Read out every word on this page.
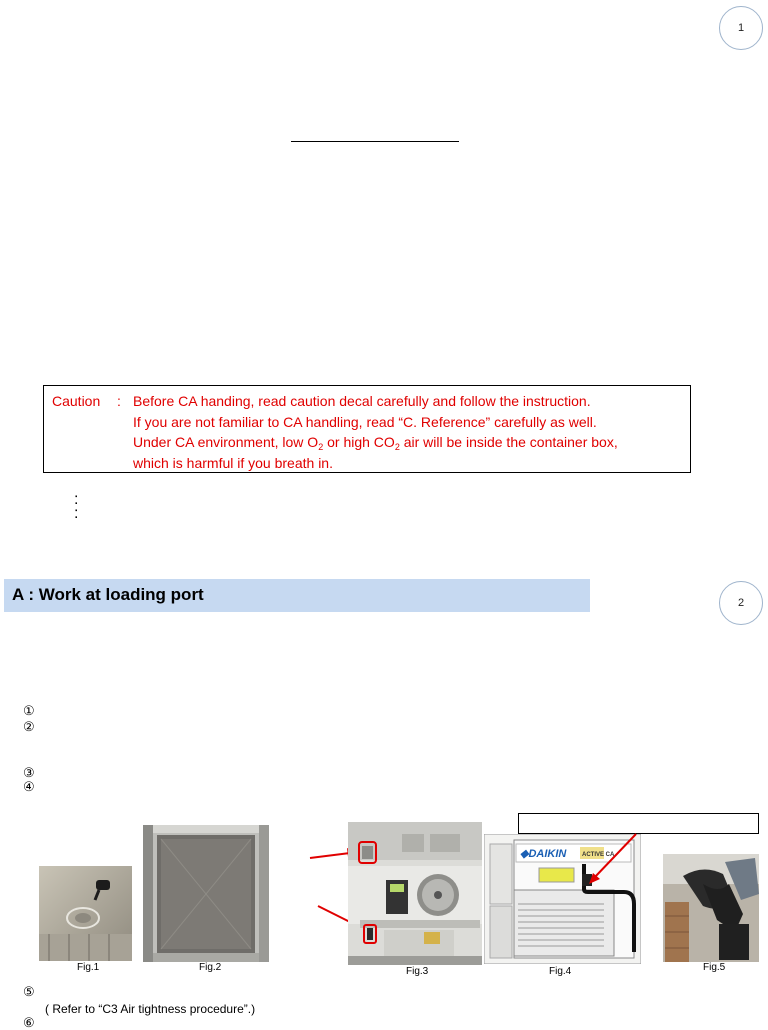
1
Caution : Before CA handing, read caution decal carefully and follow the instruction.
If you are not familiar to CA handling, read “C. Reference” carefully as well.
Under CA environment, low $O_2$ or high $CO_2$ air will be inside the container box,
which is harmful if you breath in.
:
:
A : Work at loading port	2
①
②
③
④
Fig.1	Fig.2	Fig.3
◆DAIKIN	ACTIVE CA
Fig.4	Fig.5
⑤
( Refer to “C3 Air tightness procedure”.)
⑥
